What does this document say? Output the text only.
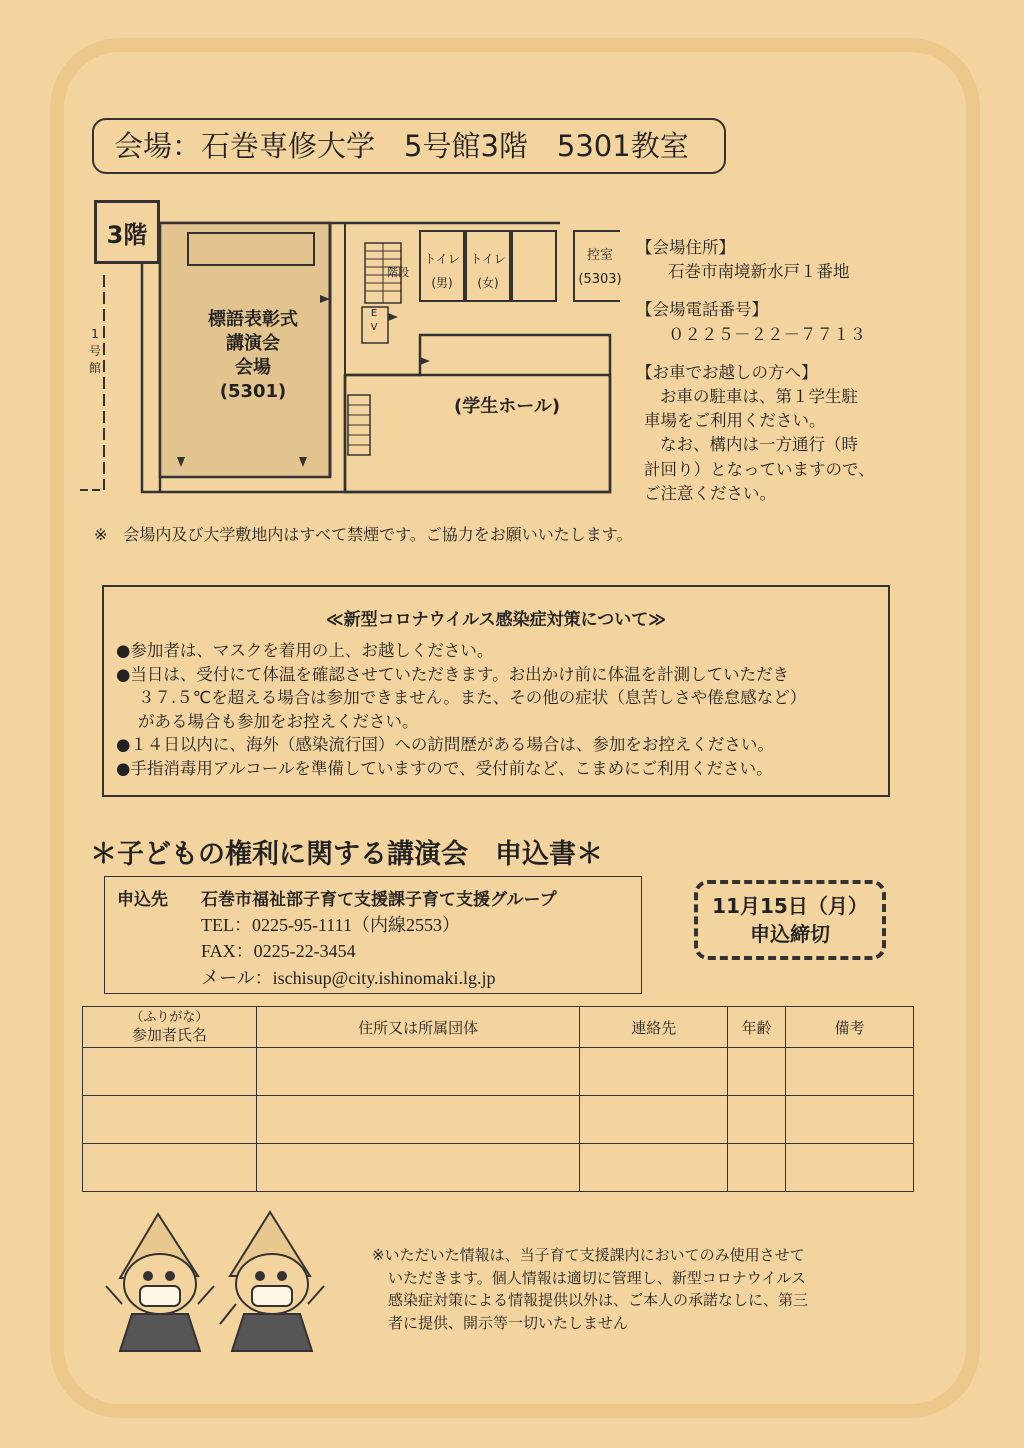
会場：石巻専修大学　5号館3階　5301教室
3階
標語表彰式
講演会
会場
(5301)
(学生ホール)
1
号
館
トイレ
(男)
トイレ
(女)
控室
(5303)
階段
E
V
【会場住所】
石巻市南境新水戸１番地
【会場電話番号】
０２２５－２２－７７１３
【お車でお越しの方へ】
お車の駐車は、第１学生駐
車場をご利用ください。
なお、構内は一方通行（時
計回り）となっていますので、
ご注意ください。
※　会場内及び大学敷地内はすべて禁煙です。ご協力をお願いいたします。
≪新型コロナウイルス感染症対策について≫
●参加者は、マスクを着用の上、お越しください。
●当日は、受付にて体温を確認させていただきます。お出かけ前に体温を計測していただき
３７.５℃を超える場合は参加できません。また、その他の症状（息苦しさや倦怠感など）
がある場合も参加をお控えください。
●１４日以内に、海外（感染流行国）への訪問歴がある場合は、参加をお控えください。
●手指消毒用アルコールを準備していますので、受付前など、こまめにご利用ください。
＊子どもの権利に関する講演会　申込書＊
申込先 石巻市福祉部子育て支援課子育て支援グループ
TEL：0225-95-1111（内線2553）
FAX：0225-22-3454
メール：ischisup@city.ishinomaki.lg.jp
11月15日（月）
申込締切
（ふりがな）
参加者氏名	住所又は所属団体	連絡先	年齢	備考

※いただいた情報は、当子育て支援課内においてのみ使用させて
いただきます。個人情報は適切に管理し、新型コロナウイルス
感染症対策による情報提供以外は、ご本人の承諾なしに、第三
者に提供、開示等一切いたしません
